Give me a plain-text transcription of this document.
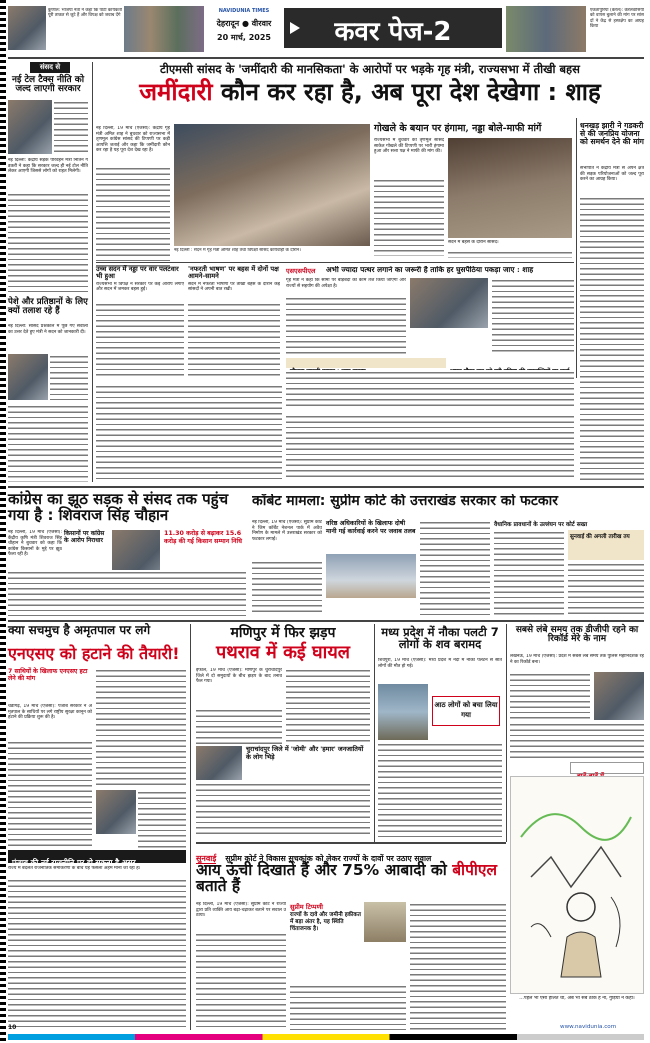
कुणाल: भाजपा नेता ने कहा कि पार्टी कार्यकर्ता पूरी ताकत से जुटे हैं और विपक्ष को जवाब देंगे
NAVIDUNIA TIMES
देहरादून ● वीरवार
20 मार्च, 2025	कवर पेज-2
एकतापुरिया (केरल): केरलवासियों को वापस बुलाने की मांग पर सांसदों ने केंद्र से हस्तक्षेप का आग्रह किया
संसद से
नई टेल टैक्स नीति को जल्द लाएगी सरकार
नई दिल्ली: केंद्रीय सड़क परिवहन मंत्री नितिन गडकरी ने कहा कि सरकार जल्द ही नई टोल नीति लेकर आएगी जिससे लोगों को राहत मिलेगी।
पेशे और प्रतिष्ठानों के लिए क्यों तलाश रहे हैं
नई दिल्ली: सांसद प्रश्नकाल में पूछे गए सवालों का उत्तर देते हुए मंत्री ने सदन को जानकारी दी।
टीएमसी सांसद के 'जमींदारी की मानसिकता' के आरोपों पर भड़के गृह मंत्री, राज्यसभा में तीखी बहस
जमींदारी कौन कर रहा है, अब पूरा देश देखेगा : शाह
नई दिल्ली, 19 मार्च (एजेंसी): केंद्रीय गृह मंत्री अमित शाह ने बुधवार को राज्यसभा में तृणमूल कांग्रेस सांसद की टिप्पणी पर कड़ी आपत्ति जताई और कहा कि जमींदारी कौन कर रहा है यह पूरा देश देख रहा है।
नई दिल्ली : सदन में गृह मंत्री अमित शाह तथा विपक्षी सांसद कार्यवाही के दौरान।
गोखले के बयान पर हंगामा, नड्डा बोले-माफी मांगें
राज्यसभा में बुधवार को तृणमूल सांसद साकेत गोखले की टिप्पणी पर भारी हंगामा हुआ और सत्ता पक्ष ने माफी की मांग की।
सदन में बहस के दौरान सांसद।
धनखड़ झारी ने गडकरी से की जनप्रिय योजना को समर्थन देने की मांग
सभापति ने केंद्रीय मंत्री से अपने क्षेत्र की सड़क परियोजनाओं को जल्द पूरा करने का आग्रह किया।
उच्च सदन में नड्डा पर वार पलटवार भी हुआ
राज्यसभा में विपक्ष ने सरकार पर कई आरोप लगाए और सदन में जमकर बहस हुई।
'नफरती भाषण' पर बहस में दोनों पक्ष आमने-सामने
सदन में नफरती भाषणों पर तीखी बहस के दौरान कई सांसदों ने अपनी बात रखी।
एसएसपीएल अभी ज्यादा पत्थर लगाने का जरूरी है ताकि हर घुसपैठिया पकड़ा जाए : शाह
गृह मंत्री ने कहा कि सीमा पर बाड़बंदी का काम तेज किया जाएगा और राज्यों से सहयोग की अपेक्षा है।
कांग्रेस का झूठ सड़क से संसद तक पहुंच गया है : शिवराज सिंह चौहान
किसानों पर कांग्रेस के आरोप निराधार
11.30 करोड़ से बढ़ाकर 15.6 करोड़ की गई किसान सम्मान निधि
नई दिल्ली, 19 मार्च (एजेंसी): केंद्रीय कृषि मंत्री शिवराज सिंह चौहान ने बुधवार को कहा कि कांग्रेस किसानों के मुद्दे पर झूठ फैला रही है।
कॉर्बेट मामला: सुप्रीम कोर्ट की उत्तराखंड सरकार को फटकार
नई दिल्ली, 19 मार्च (एजेंसी): सुप्रीम कोर्ट ने जिम कॉर्बेट नेशनल पार्क में अवैध निर्माण के मामले में उत्तराखंड सरकार को फटकार लगाई।
वरिष्ठ अधिकारियों के खिलाफ दोषी मानी गई कार्रवाई करने पर जवाब तलब
वैधानिक प्रावधानों के उल्लंघन पर कोर्ट सख्त
सुनवाई की अगली तारीख तय
क्या सचमुच है अमृतपाल पर लगे
एनएसए को हटाने की तैयारी!
7 साथियों के खिलाफ एनएसए हटा लेने की मांग
चंडीगढ़, 19 मार्च (एजेंसी): पंजाब सरकार ने अमृतपाल के साथियों पर लगे राष्ट्रीय सुरक्षा कानून को हटाने की प्रक्रिया शुरू की है।
पंजाब की नई राजनीति पर हो सकता है असर
राज्य में बदलते राजनीतिक समीकरणों के बीच यह फैसला अहम माना जा रहा है।
मणिपुर में फिर झड़प
पथराव में कई घायल
इंफाल, 19 मार्च (एजेंसी): मणिपुर के चुराचांदपुर जिले में दो समुदायों के बीच झड़प के बाद तनाव फैल गया।
चुराचांदपुर जिले में 'जोमी' और 'हमार' जनजातियों के लोग भिड़े
मध्य प्रदेश में नौका पलटी 7 लोगों के शव बरामद
शिवपुरी, 19 मार्च (एजेंसी): मध्य प्रदेश में नदी में नौका पलटने से सात लोगों की मौत हो गई।
आठ लोगों को बचा लिया गया
सबसे लंबे समय तक डीजीपी रहने का रिकॉर्ड मेरे के नाम
लखनऊ, 19 मार्च (एजेंसी): प्रदेश में सबसे लंबे समय तक पुलिस महानिदेशक रहने का रिकॉर्ड बना।
...पहले भी ऐसी हालत थी, अब भी सब ठीक है ना, गुड़िया ने कहा।
सुनवाई सुप्रीम कोर्ट ने विकास सूचकांक को लेकर राज्यों के दावों पर उठाए सवाल
आय ऊंची दिखाते हैं और 75% आबादी को बीपीएल बताते हैं
नई दिल्ली, 19 मार्च (एजेंसी): सुप्रीम कोर्ट ने राज्यों द्वारा प्रति व्यक्ति आय बढ़ा-चढ़ाकर बताने पर सवाल उठाया।
सुप्रीम टिप्पणी
राज्यों के दावे और जमीनी हकीकत में बड़ा अंतर है, यह स्थिति चिंताजनक है।
10	www.navidunia.com
